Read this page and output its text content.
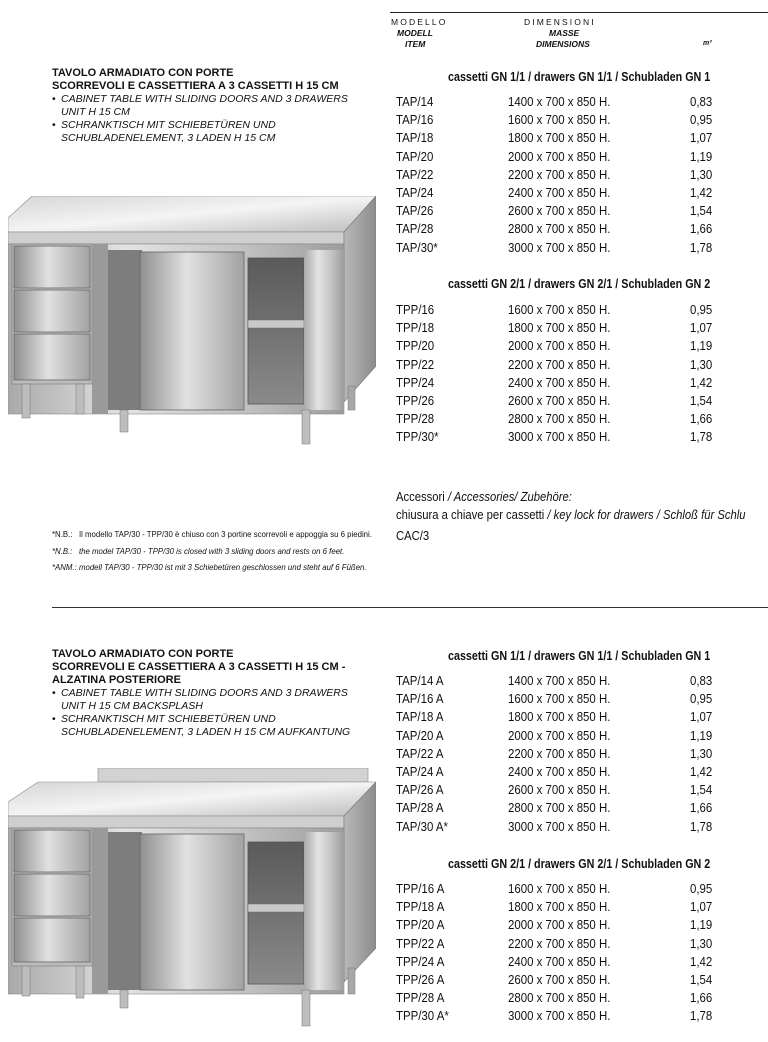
MODELLO
MODELL
ITEM
DIMENSIONI
MASSE
DIMENSIONS	m³
TAVOLO ARMADIATO CON PORTE
SCORREVOLI E CASSETTIERA A 3 CASSETTI H 15 CM
• CABINET TABLE WITH SLIDING DOORS AND 3 DRAWERS
UNIT H 15 CM
• SCHRANKTISCH MIT SCHIEBETÜREN UND
SCHUBLADENELEMENT, 3 LADEN H 15 CM
cassetti GN 1/1 / drawers GN 1/1 / Schubladen GN 1
TAP/14	1400 x 700 x 850 H.	0,83
TAP/16	1600 x 700 x 850 H.	0,95
TAP/18	1800 x 700 x 850 H.	1,07
TAP/20	2000 x 700 x 850 H.	1,19
TAP/22	2200 x 700 x 850 H.	1,30
TAP/24	2400 x 700 x 850 H.	1,42
TAP/26	2600 x 700 x 850 H.	1,54
TAP/28	2800 x 700 x 850 H.	1,66
TAP/30*	3000 x 700 x 850 H.	1,78
cassetti GN 2/1 / drawers GN 2/1 / Schubladen GN 2
TPP/16	1600 x 700 x 850 H.	0,95
TPP/18	1800 x 700 x 850 H.	1,07
TPP/20	2000 x 700 x 850 H.	1,19
TPP/22	2200 x 700 x 850 H.	1,30
TPP/24	2400 x 700 x 850 H.	1,42
TPP/26	2600 x 700 x 850 H.	1,54
TPP/28	2800 x 700 x 850 H.	1,66
TPP/30*	3000 x 700 x 850 H.	1,78
Accessori / Accessories/ Zubehöre:
chiusura a chiave per cassetti / key lock for drawers / Schloß für Schlu
CAC/3
*N.B.: Il modello TAP/30 - TPP/30 è chiuso con 3 portine scorrevoli e appoggia su 6 piedini.
*N.B.: the model TAP/30 - TPP/30 is closed with 3 sliding doors and rests on 6 feet.
*ANM.: modell TAP/30 - TPP/30 ist mit 3 Schiebetüren geschlossen und steht auf 6 Füßen.
TAVOLO ARMADIATO CON PORTE
SCORREVOLI E CASSETTIERA A 3 CASSETTI H 15 CM -
ALZATINA POSTERIORE
• CABINET TABLE WITH SLIDING DOORS AND 3 DRAWERS
UNIT H 15 CM BACKSPLASH
• SCHRANKTISCH MIT SCHIEBETÜREN UND
SCHUBLADENELEMENT, 3 LADEN H 15 CM AUFKANTUNG
cassetti GN 1/1 / drawers GN 1/1 / Schubladen GN 1
TAP/14 A	1400 x 700 x 850 H.	0,83
TAP/16 A	1600 x 700 x 850 H.	0,95
TAP/18 A	1800 x 700 x 850 H.	1,07
TAP/20 A	2000 x 700 x 850 H.	1,19
TAP/22 A	2200 x 700 x 850 H.	1,30
TAP/24 A	2400 x 700 x 850 H.	1,42
TAP/26 A	2600 x 700 x 850 H.	1,54
TAP/28 A	2800 x 700 x 850 H.	1,66
TAP/30 A*	3000 x 700 x 850 H.	1,78
cassetti GN 2/1 / drawers GN 2/1 / Schubladen GN 2
TPP/16 A	1600 x 700 x 850 H.	0,95
TPP/18 A	1800 x 700 x 850 H.	1,07
TPP/20 A	2000 x 700 x 850 H.	1,19
TPP/22 A	2200 x 700 x 850 H.	1,30
TPP/24 A	2400 x 700 x 850 H.	1,42
TPP/26 A	2600 x 700 x 850 H.	1,54
TPP/28 A	2800 x 700 x 850 H.	1,66
TPP/30 A*	3000 x 700 x 850 H.	1,78
